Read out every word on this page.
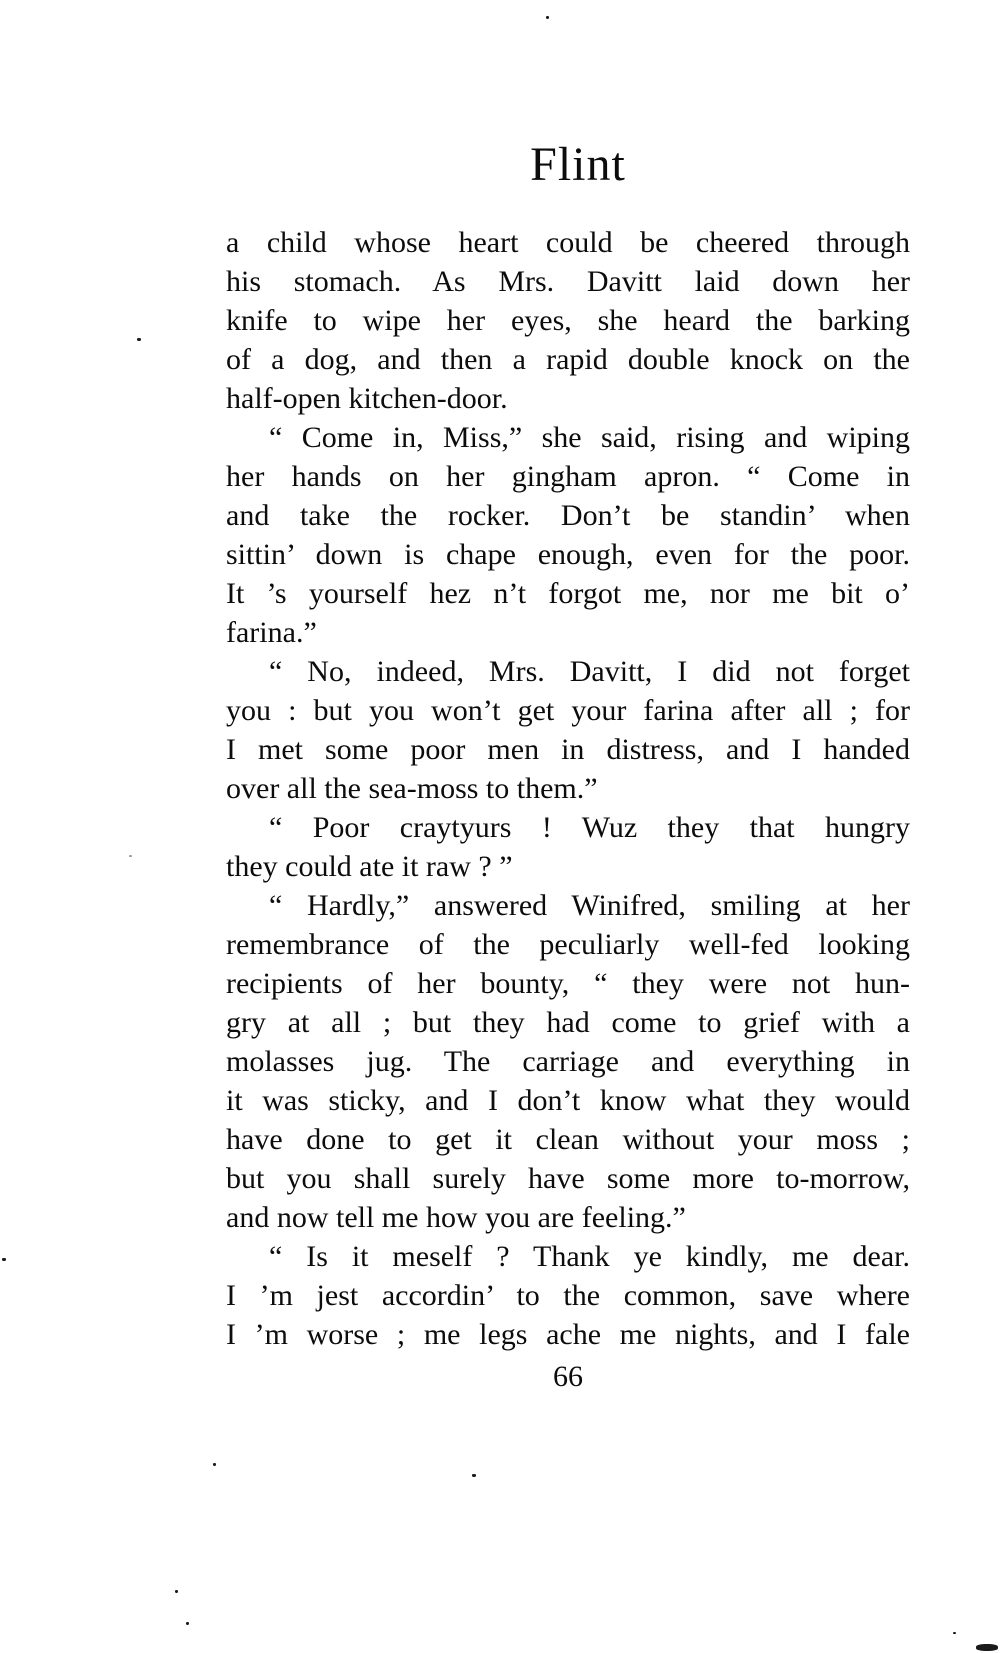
Flint
a child whose heart could be cheered through
his stomach. As Mrs. Davitt laid down her
knife to wipe her eyes, she heard the barking
of a dog, and then a rapid double knock on the
half-open kitchen-door.
“ Come in, Miss,” she said, rising and wiping
her hands on her gingham apron. “ Come in
and take the rocker. Don’t be standin’ when
sittin’ down is chape enough, even for the poor.
It ’s yourself hez n’t forgot me, nor me bit o’
farina.”
“ No, indeed, Mrs. Davitt, I did not forget
you : but you won’t get your farina after all ; for
I met some poor men in distress, and I handed
over all the sea-moss to them.”
“ Poor craytyurs ! Wuz they that hungry
they could ate it raw ? ”
“ Hardly,” answered Winifred, smiling at her
remembrance of the peculiarly well-fed looking
recipients of her bounty, “ they were not hun-
gry at all ; but they had come to grief with a
molasses jug. The carriage and everything in
it was sticky, and I don’t know what they would
have done to get it clean without your moss ;
but you shall surely have some more to-morrow,
and now tell me how you are feeling.”
“ Is it meself ? Thank ye kindly, me dear.
I ’m jest accordin’ to the common, save where
I ’m worse ; me legs ache me nights, and I fale
66
